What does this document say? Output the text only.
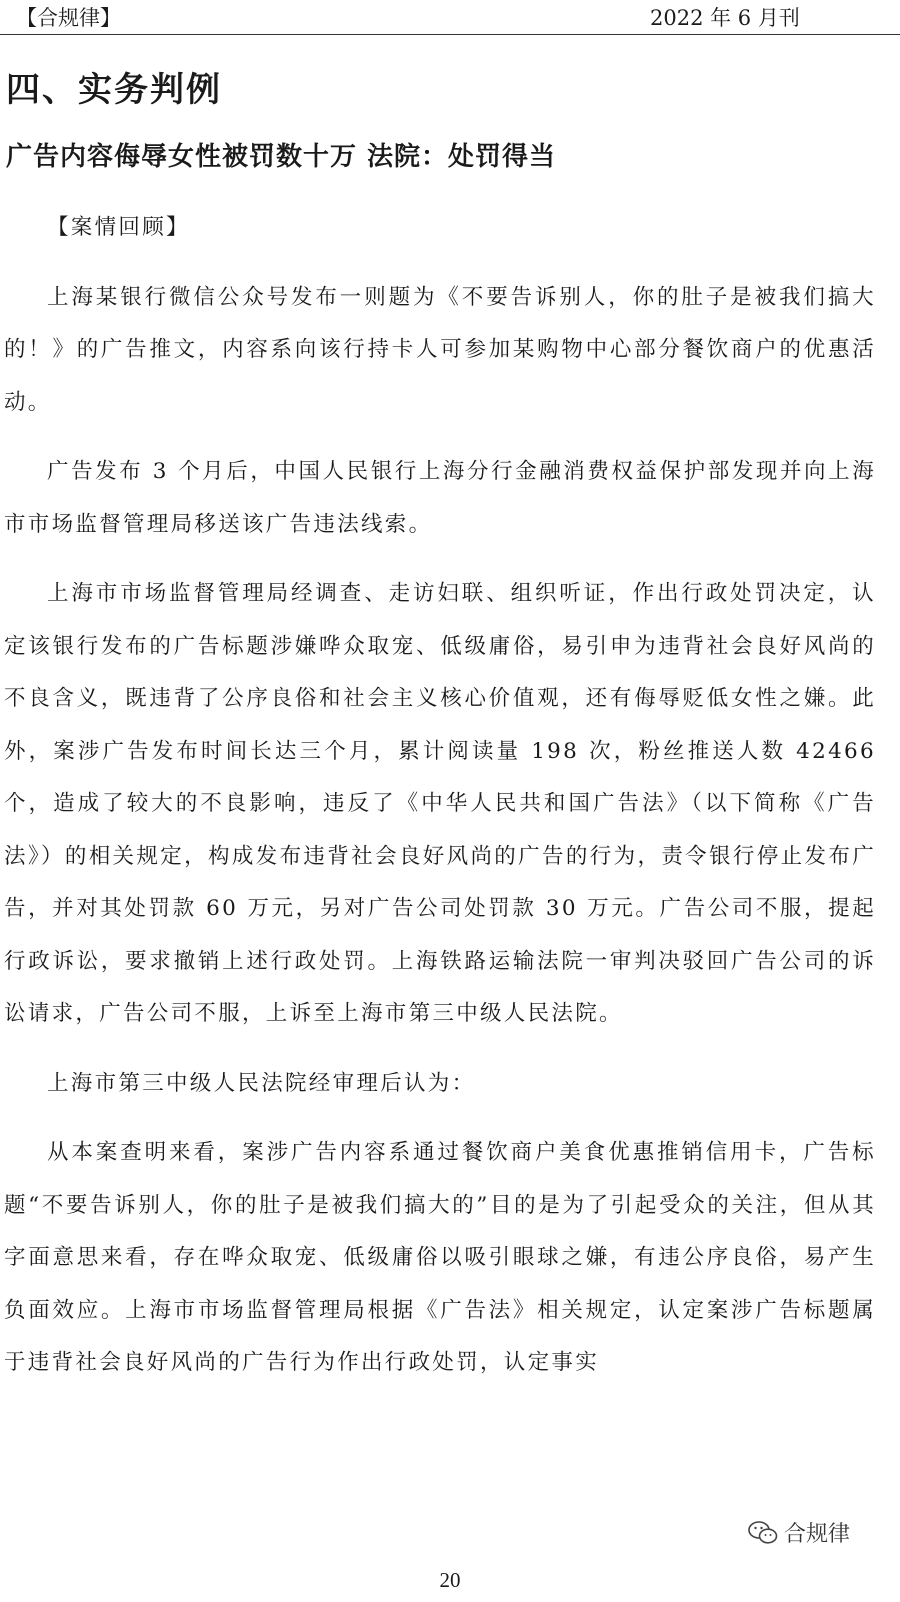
【合规律】	2022 年 6 月刊
四、实务判例
广告内容侮辱女性被罚数十万 法院：处罚得当

【案情回顾】

上海某银行微信公众号发布一则题为《不要告诉别人，你的肚子是被我们搞大的！》的广告推文，内容系向该行持卡人可参加某购物中心部分餐饮商户的优惠活动。

广告发布 3 个月后，中国人民银行上海分行金融消费权益保护部发现并向上海市市场监督管理局移送该广告违法线索。

上海市市场监督管理局经调查、走访妇联、组织听证，作出行政处罚决定，认定该银行发布的广告标题涉嫌哗众取宠、低级庸俗，易引申为违背社会良好风尚的不良含义，既违背了公序良俗和社会主义核心价值观，还有侮辱贬低女性之嫌。此外，案涉广告发布时间长达三个月，累计阅读量 198 次，粉丝推送人数 42466 个，造成了较大的不良影响，违反了《中华人民共和国广告法》（以下简称《广告法》）的相关规定，构成发布违背社会良好风尚的广告的行为，责令银行停止发布广告，并对其处罚款 60 万元，另对广告公司处罚款 30 万元。广告公司不服，提起行政诉讼，要求撤销上述行政处罚。上海铁路运输法院一审判决驳回广告公司的诉讼请求，广告公司不服，上诉至上海市第三中级人民法院。

上海市第三中级人民法院经审理后认为：

从本案查明来看，案涉广告内容系通过餐饮商户美食优惠推销信用卡，广告标题“不要告诉别人，你的肚子是被我们搞大的”目的是为了引起受众的关注，但从其字面意思来看，存在哗众取宠、低级庸俗以吸引眼球之嫌，有违公序良俗，易产生负面效应。上海市市场监督管理局根据《广告法》相关规定，认定案涉广告标题属于违背社会良好风尚的广告行为作出行政处罚，认定事实

合规律
20
